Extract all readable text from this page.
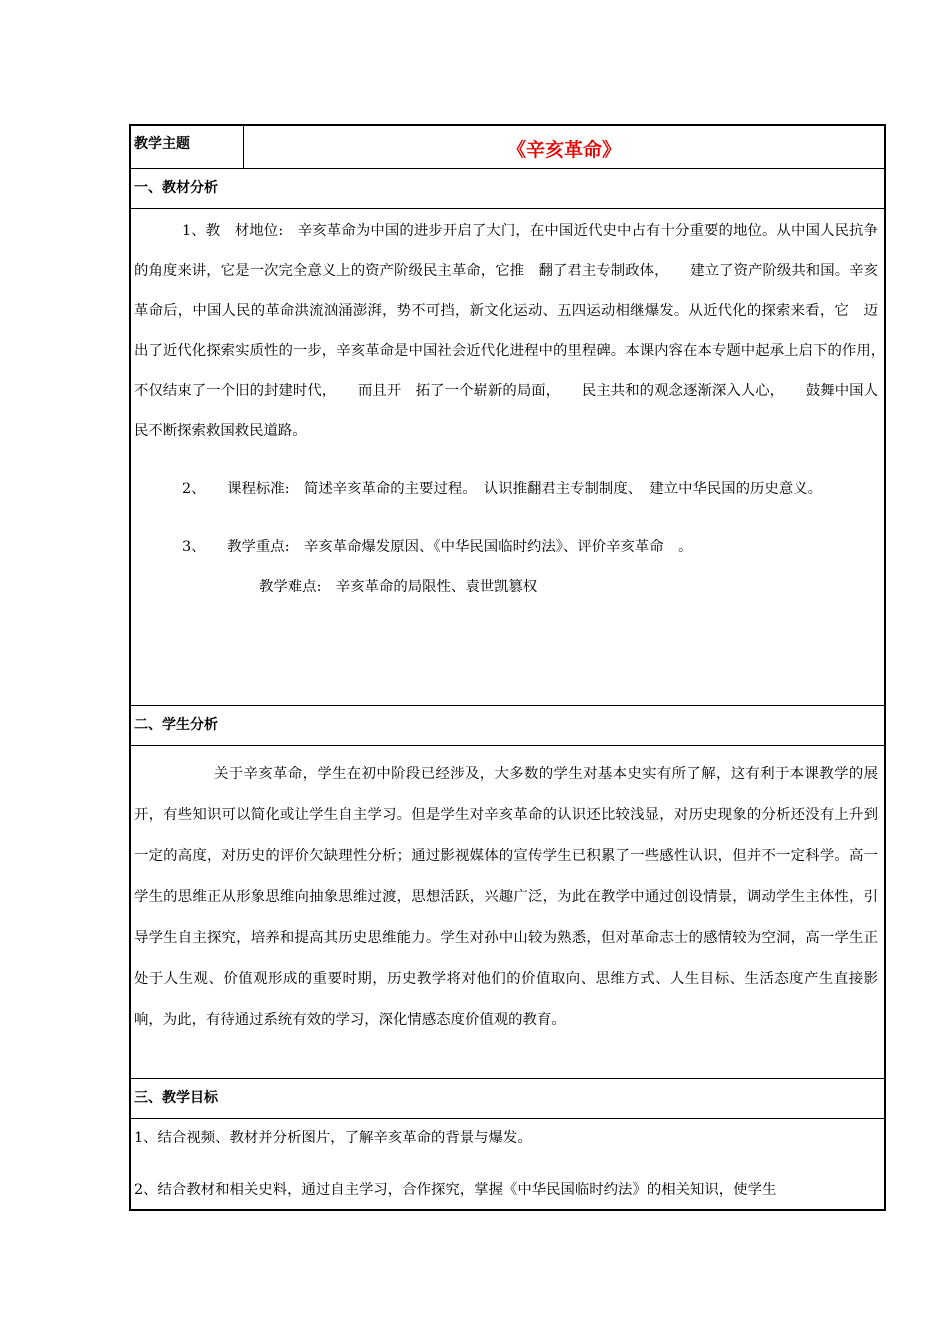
教学主题	《辛亥革命》
一、教材分析

1、教　材地位:　辛亥革命为中国的进步开启了大门，在中国近代史中占有十分重要的地位。从中国人民抗争的角度来讲，它是一次完全意义上的资产阶级民主革命，它推　翻了君主专制政体，　　建立了资产阶级共和国。辛亥革命后，中国人民的革命洪流汹涌澎湃，势不可挡，新文化运动、五四运动相继爆发。从近代化的探索来看，它　迈出了近代化探索实质性的一步，辛亥革命是中国社会近代化进程中的里程碑。本课内容在本专题中起承上启下的作用，　　不仅结束了一个旧的封建时代，　　而且开　拓了一个崭新的局面，　　民主共和的观念逐渐深入人心，　　鼓舞中国人民不断探索救国救民道路。

2、　　课程标准:　简述辛亥革命的主要过程。　认识推翻君主专制制度、　建立中华民国的历史意义。

3、　　教学重点:　辛亥革命爆发原因、《中华民国临时约法》、评价辛亥革命　。

教学难点:　辛亥革命的局限性、袁世凯篡权

二、学生分析

关于辛亥革命，学生在初中阶段已经涉及，大多数的学生对基本史实有所了解，这有利于本课教学的展开，有些知识可以简化或让学生自主学习。但是学生对辛亥革命的认识还比较浅显，对历史现象的分析还没有上升到一定的高度，对历史的评价欠缺理性分析；通过影视媒体的宣传学生已积累了一些感性认识，但并不一定科学。高一学生的思维正从形象思维向抽象思维过渡，思想活跃，兴趣广泛，为此在教学中通过创设情景，调动学生主体性，引导学生自主探究，培养和提高其历史思维能力。学生对孙中山较为熟悉，但对革命志士的感情较为空洞，高一学生正处于人生观、价值观形成的重要时期，历史教学将对他们的价值取向、思维方式、人生目标、生活态度产生直接影响，为此，有待通过系统有效的学习，深化情感态度价值观的教育。

三、教学目标

1、结合视频、教材并分析图片，了解辛亥革命的背景与爆发。

2、结合教材和相关史料，通过自主学习，合作探究，掌握《中华民国临时约法》的相关知识，使学生
